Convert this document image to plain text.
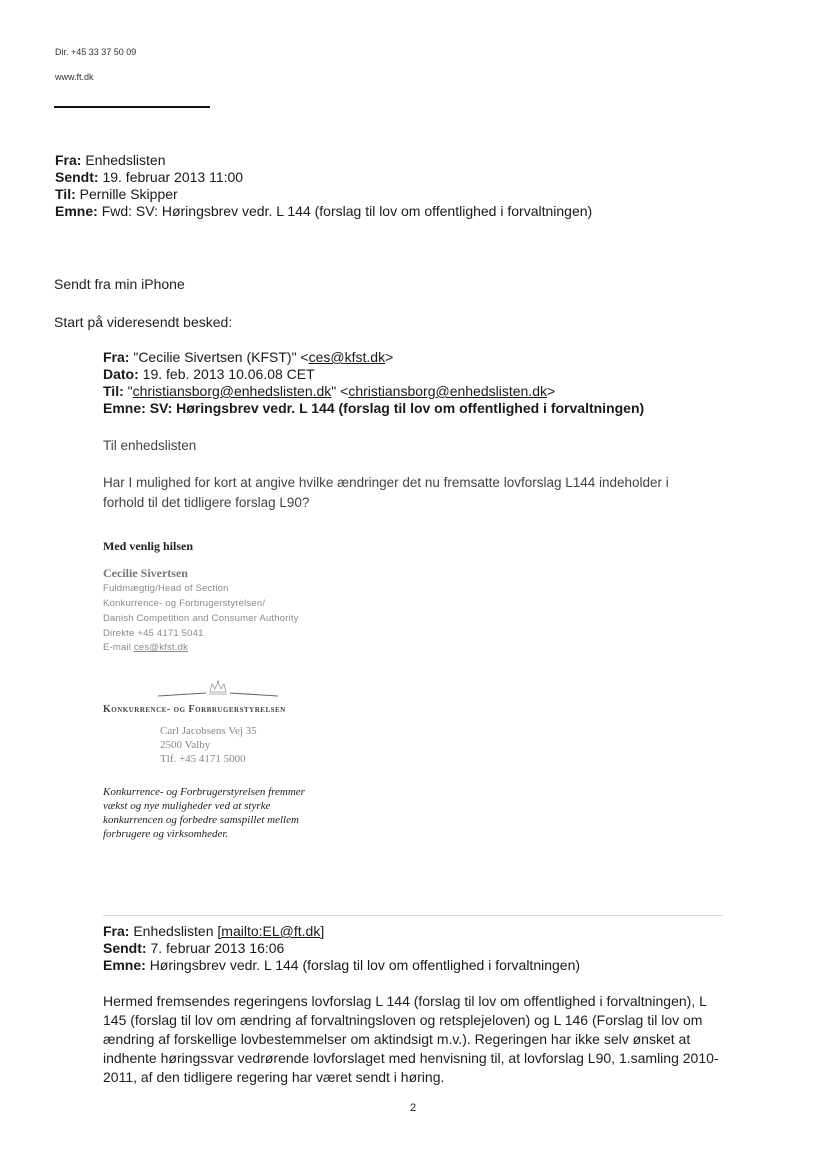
Dir. +45 33 37 50 09
www.ft.dk
Fra: Enhedslisten
Sendt: 19. februar 2013 11:00
Til: Pernille Skipper
Emne: Fwd: SV: Høringsbrev vedr. L 144 (forslag til lov om offentlighed i forvaltningen)
Sendt fra min iPhone
Start på videresendt besked:
Fra: "Cecilie Sivertsen (KFST)" <ces@kfst.dk>
Dato: 19. feb. 2013 10.06.08 CET
Til: "christiansborg@enhedslisten.dk" <christiansborg@enhedslisten.dk>
Emne: SV: Høringsbrev vedr. L 144 (forslag til lov om offentlighed i forvaltningen)
Til enhedslisten
Har I mulighed for kort at angive hvilke ændringer det nu fremsatte lovforslag L144 indeholder i
forhold til det tidligere forslag L90?
Med venlig hilsen
Cecilie Sivertsen
Fuldmægtig/Head of Section
Konkurrence- og Forbrugerstyrelsen/
Danish Competition and Consumer Authority
Direkte +45 4171 5041
E-mail ces@kfst.dk
Konkurrence- og Forbrugerstyrelsen
Carl Jacobsens Vej 35
2500 Valby
Tlf. +45 4171 5000
Konkurrence- og Forbrugerstyrelsen fremmer
vækst og nye muligheder ved at styrke
konkurrencen og forbedre samspillet mellem
forbrugere og virksomheder.
Fra: Enhedslisten [mailto:EL@ft.dk]
Sendt: 7. februar 2013 16:06
Emne: Høringsbrev vedr. L 144 (forslag til lov om offentlighed i forvaltningen)
Hermed fremsendes regeringens lovforslag L 144 (forslag til lov om offentlighed i forvaltningen), L
145 (forslag til lov om ændring af forvaltningsloven og retsplejeloven) og L 146 (Forslag til lov om
ændring af forskellige lovbestemmelser om aktindsigt m.v.). Regeringen har ikke selv ønsket at
indhente høringssvar vedrørende lovforslaget med henvisning til, at lovforslag L90, 1.samling 2010-
2011, af den tidligere regering har været sendt i høring.
2
